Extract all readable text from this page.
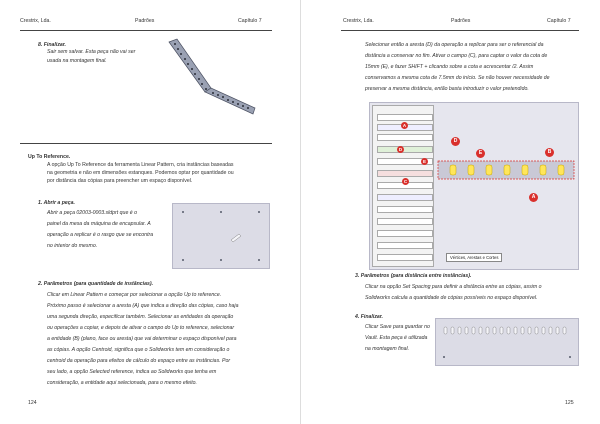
Crestrix, Lda.	Padrões	Capítulo 7
8. Finalizar.
Sair sem salvar. Esta peça não vai ser usada na montagem final.
Up To Reference.
A opção Up To Reference da ferramenta Linear Pattern, cria instâncias baseadas
na geometria e não em dimensões estanques. Podemos optar por quantidade ou
por distância das cópias para preencher um espaço disponível.
1. Abrir a peça.
Abrir a peça 02003-0003.sldprt que é o
painel da mesa da máquina de encapsular. A
operação a replicar é o rasgo que se encontra
no interior do mesmo.
2. Parâmetros (para quantidade de instâncias).
Clicar em Linear Pattern e começar por selecionar a opção Up to reference.
Próximo passo é selecionar a aresta (A) que indica a direção das cópias, caso haja
uma segunda direção, especificar também. Selecionar as entidades da operação
ou operações a copiar, e depois de ativar o campo do Up to reference, selecionar
a entidade (B) (plano, face ou aresta) que vai determinar o espaço disponível para
as cópias. A opção Centroid, significa que o Solidworks tem em consideração o
centroid da operação para efeitos de cálculo do espaço entre as instâncias. Por
seu lado, a opção Selected reference, indica ao Solidworks que tenha em
consideração, a entidade aqui selecionada, para o mesmo efeito.
124
Crestrix, Lda.	Padrões	Capítulo 7
Selecionar então a aresta (D) da operação a replicar para ser o referencial da
distância a conservar no fim. Ativar o campo (C), para captar o valor da cota de
15mm (E), e fazer SHIFT + clicando sobre a cota e acrescentar /2. Assim
conservamos a mesma cota de 7.5mm do início. Se não houver necessidade de
preservar a mesma distância, então basta introduzir o valor pretendido.
Vértices, Arestas e Cortes
A
D
E
C
D
E	B
A
3. Parâmetros (para distância entre instâncias).
Clicar na opção Set Spacing para definir a distância entre as cópias, assim o
Solidworks calcula a quantidade de cópias possíveis no espaço disponível.
4. Finalizar.
Clicar Save para guardar no
Vault. Esta peça é utilizada
na montagem final.
125
